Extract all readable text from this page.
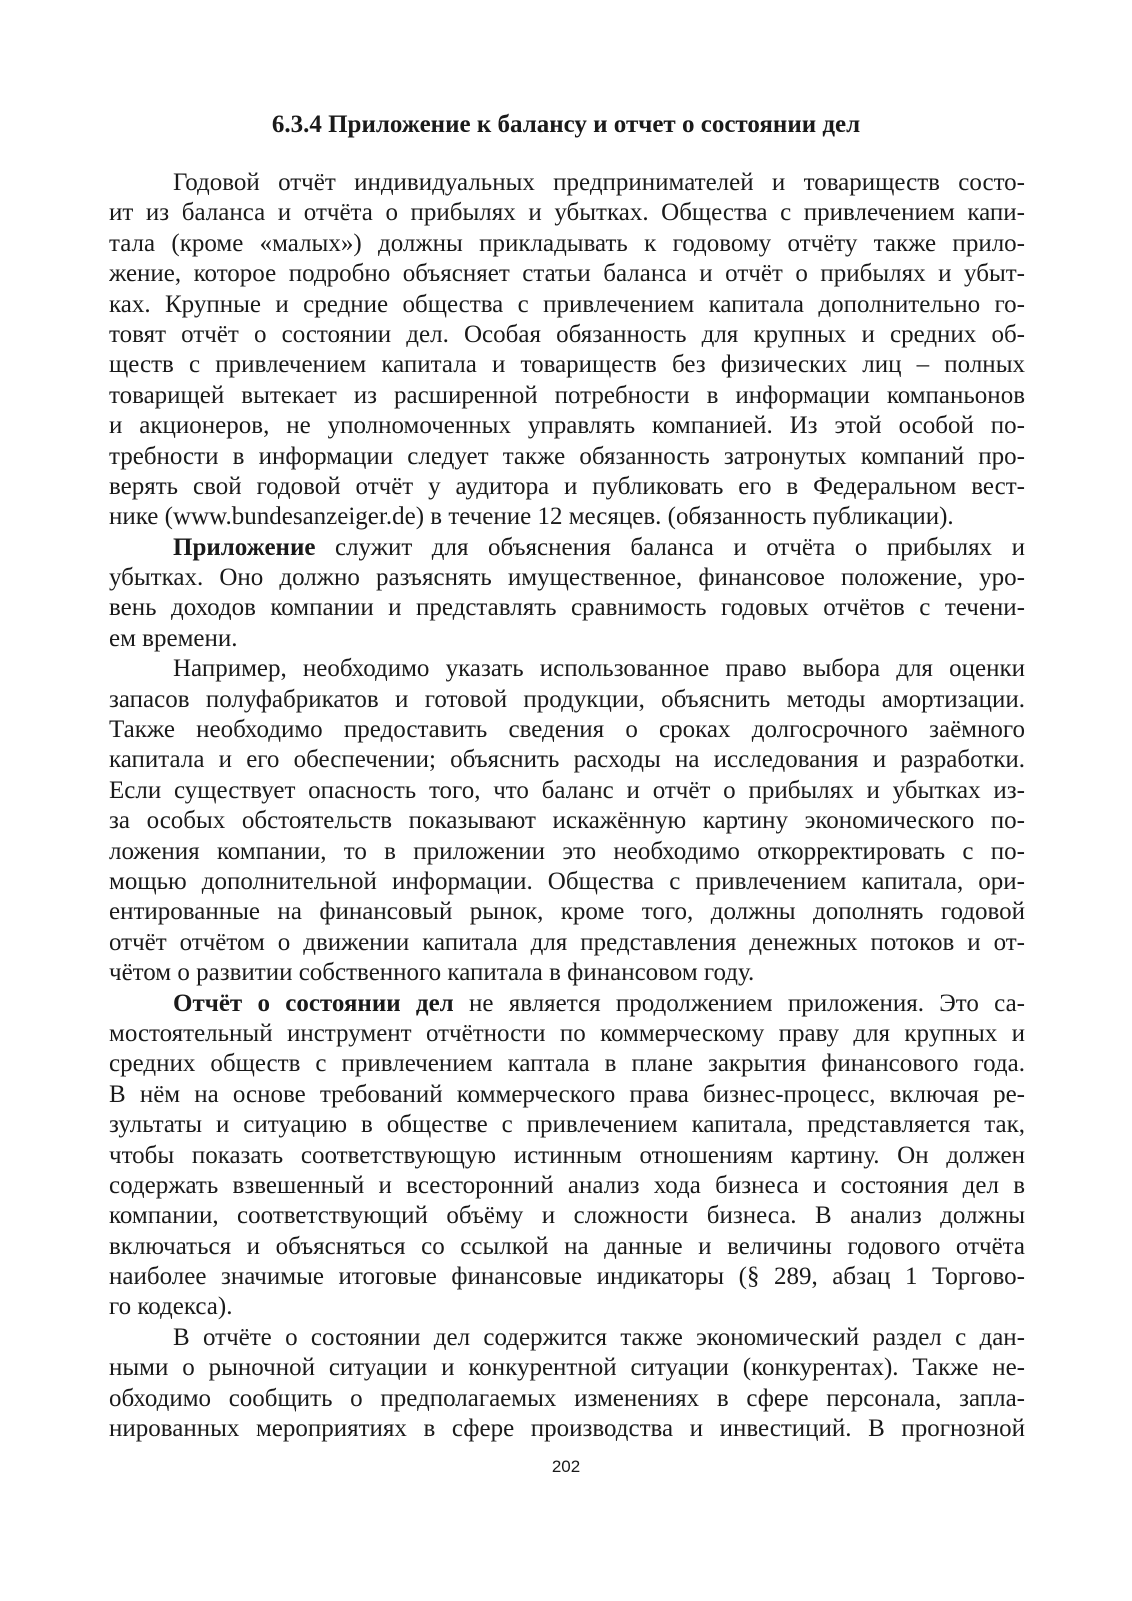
6.3.4 Приложение к балансу и отчет о состоянии дел
Годовой отчёт индивидуальных предпринимателей и товариществ состо-
ит из баланса и отчёта о прибылях и убытках. Общества с привлечением капи-
тала (кроме «малых») должны прикладывать к годовому отчёту также прило-
жение, которое подробно объясняет статьи баланса и отчёт о прибылях и убыт-
ках. Крупные и средние общества с привлечением капитала дополнительно го-
товят отчёт о состоянии дел. Особая обязанность для крупных и средних об-
ществ с привлечением капитала и товариществ без физических лиц – полных
товарищей вытекает из расширенной потребности в информации компаньонов
и акционеров, не уполномоченных управлять компанией. Из этой особой по-
требности в информации следует также обязанность затронутых компаний про-
верять свой годовой отчёт у аудитора и публиковать его в Федеральном вест-
нике (www.bundesanzeiger.de) в течение 12 месяцев. (обязанность публикации).
Приложение служит для объяснения баланса и отчёта о прибылях и
убытках. Оно должно разъяснять имущественное, финансовое положение, уро-
вень доходов компании и представлять сравнимость годовых отчётов с течени-
ем времени.
Например, необходимо указать использованное право выбора для оценки
запасов полуфабрикатов и готовой продукции, объяснить методы амортизации.
Также необходимо предоставить сведения о сроках долгосрочного заёмного
капитала и его обеспечении; объяснить расходы на исследования и разработки.
Если существует опасность того, что баланс и отчёт о прибылях и убытках из-
за особых обстоятельств показывают искажённую картину экономического по-
ложения компании, то в приложении это необходимо откорректировать с по-
мощью дополнительной информации. Общества с привлечением капитала, ори-
ентированные на финансовый рынок, кроме того, должны дополнять годовой
отчёт отчётом о движении капитала для представления денежных потоков и от-
чётом о развитии собственного капитала в финансовом году.
Отчёт о состоянии дел не является продолжением приложения. Это са-
мостоятельный инструмент отчётности по коммерческому праву для крупных и
средних обществ с привлечением каптала в плане закрытия финансового года.
В нём на основе требований коммерческого права бизнес-процесс, включая ре-
зультаты и ситуацию в обществе с привлечением капитала, представляется так,
чтобы показать соответствующую истинным отношениям картину. Он должен
содержать взвешенный и всесторонний анализ хода бизнеса и состояния дел в
компании, соответствующий объёму и сложности бизнеса. В анализ должны
включаться и объясняться со ссылкой на данные и величины годового отчёта
наиболее значимые итоговые финансовые индикаторы (§ 289, абзац 1 Торгово-
го кодекса).
В отчёте о состоянии дел содержится также экономический раздел с дан-
ными о рыночной ситуации и конкурентной ситуации (конкурентах). Также не-
обходимо сообщить о предполагаемых изменениях в сфере персонала, запла-
нированных мероприятиях в сфере производства и инвестиций. В прогнозной
202
